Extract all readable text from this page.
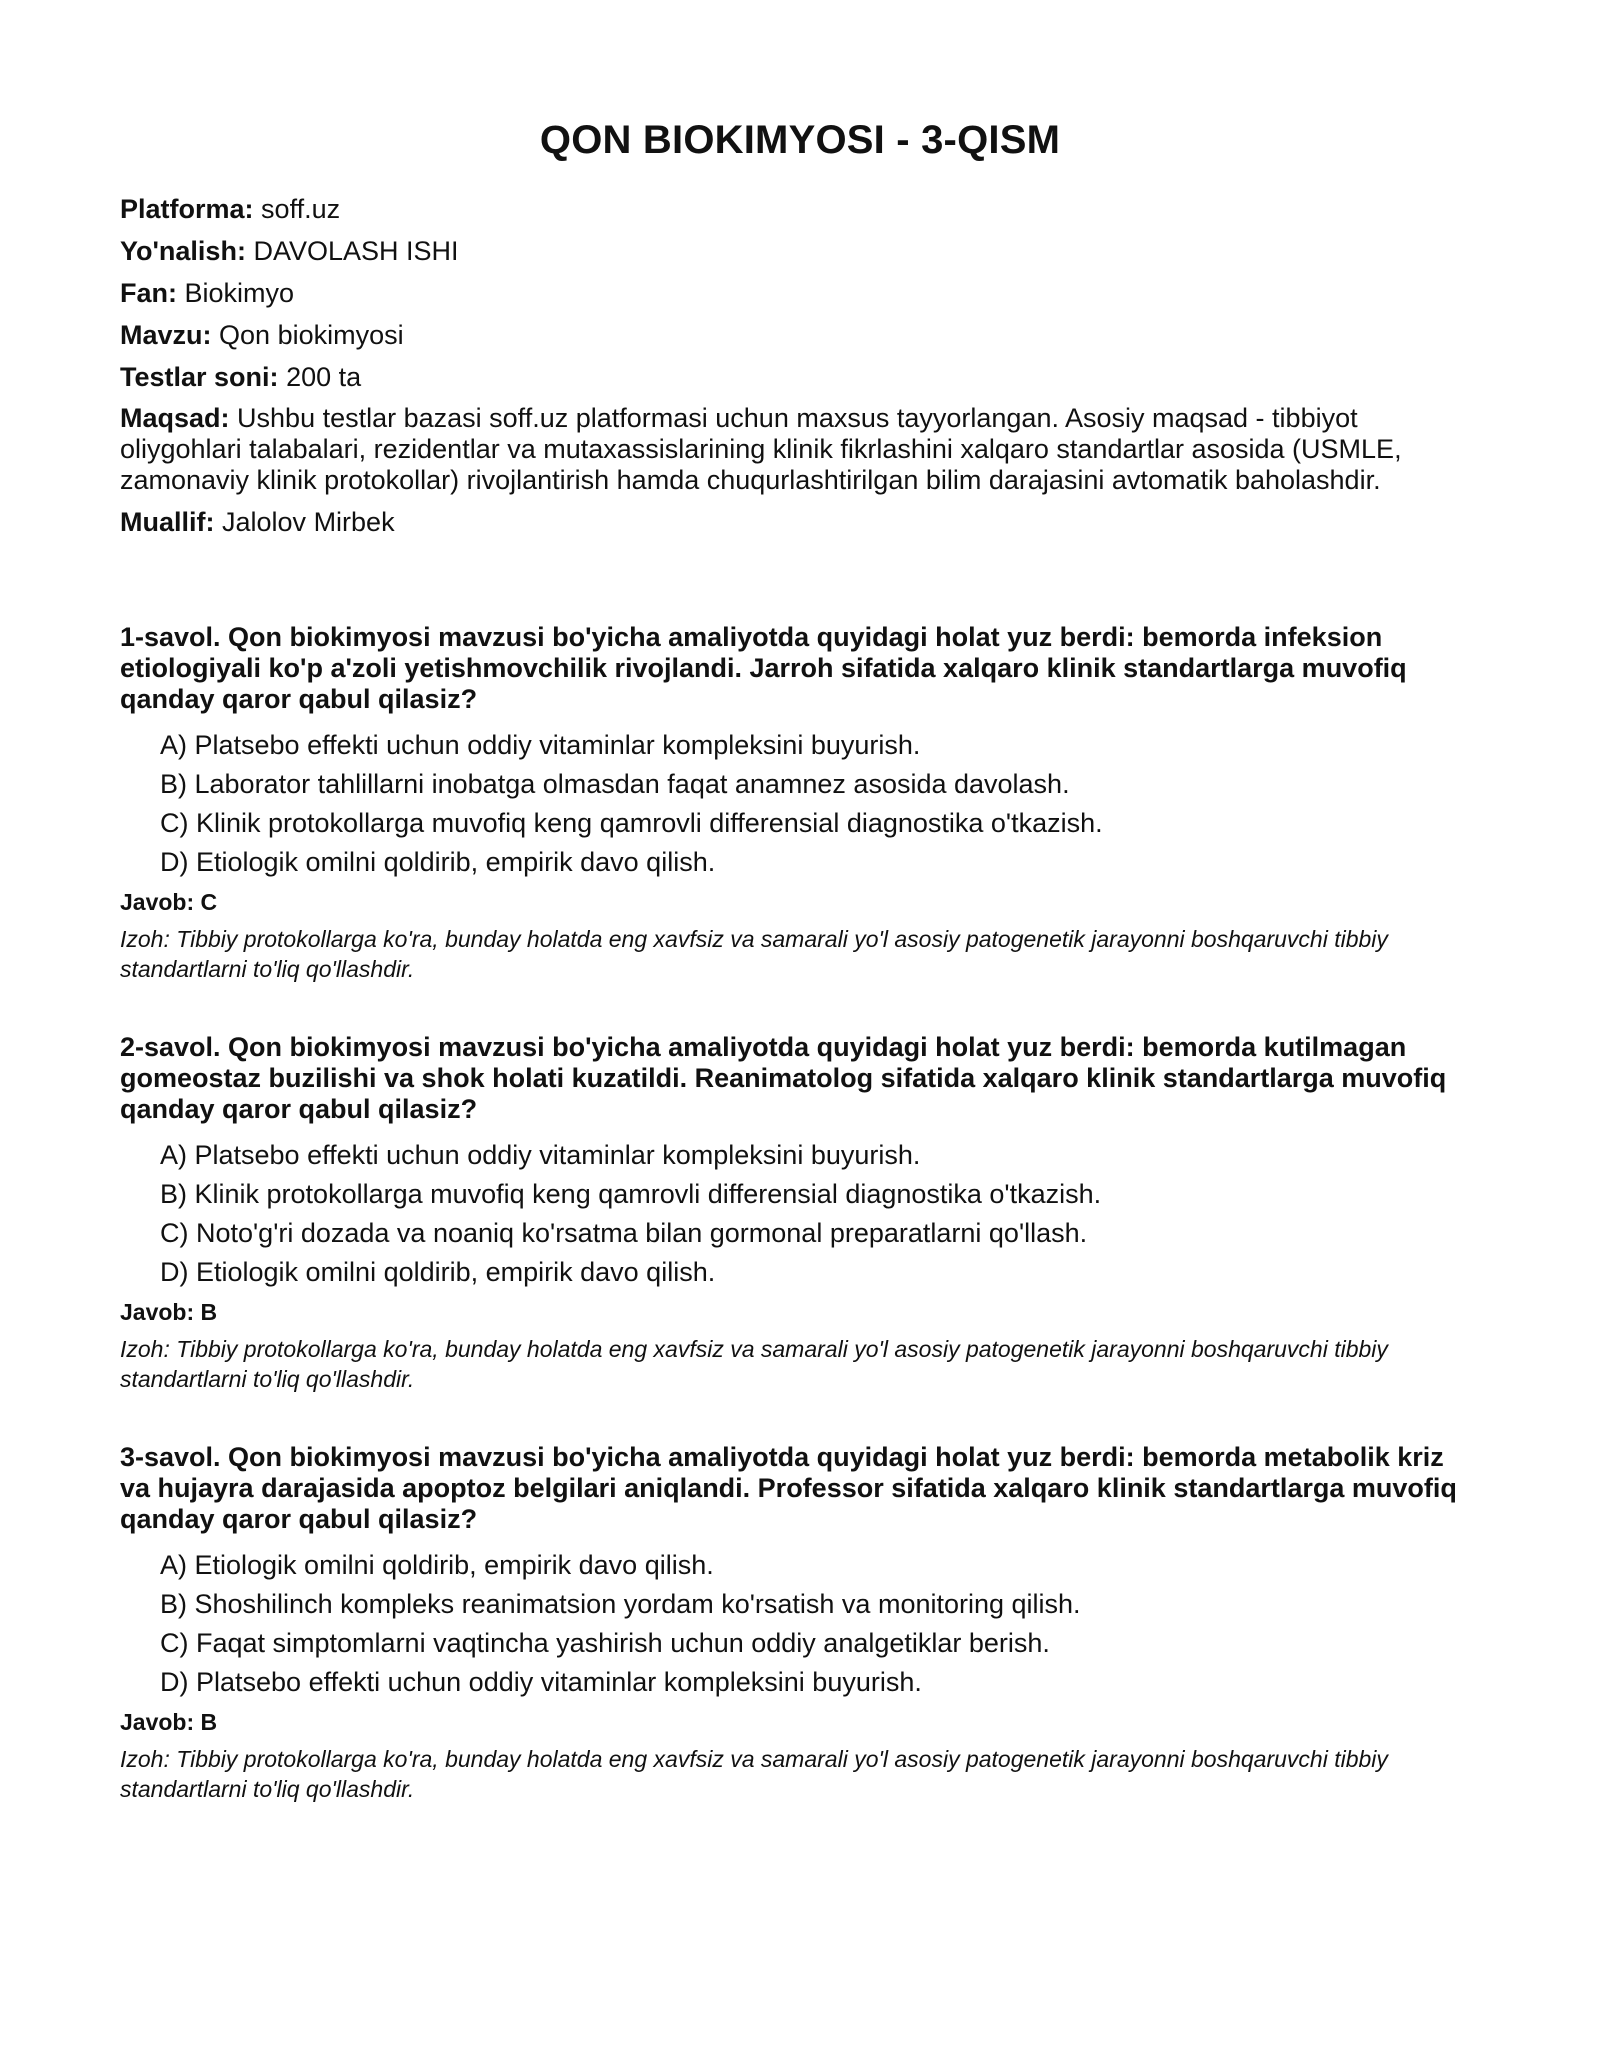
QON BIOKIMYOSI - 3-QISM

Platforma: soff.uz

Yo'nalish: DAVOLASH ISHI

Fan: Biokimyo

Mavzu: Qon biokimyosi

Testlar soni: 200 ta

Maqsad: Ushbu testlar bazasi soff.uz platformasi uchun maxsus tayyorlangan. Asosiy maqsad - tibbiyot oliygohlari talabalari, rezidentlar va mutaxassislarining klinik fikrlashini xalqaro standartlar asosida (USMLE, zamonaviy klinik protokollar) rivojlantirish hamda chuqurlashtirilgan bilim darajasini avtomatik baholashdir.

Muallif: Jalolov Mirbek

1-savol. Qon biokimyosi mavzusi bo'yicha amaliyotda quyidagi holat yuz berdi: bemorda infeksion etiologiyali ko'p a'zoli yetishmovchilik rivojlandi. Jarroh sifatida xalqaro klinik standartlarga muvofiq qanday qaror qabul qilasiz?

A) Platsebo effekti uchun oddiy vitaminlar kompleksini buyurish.
B) Laborator tahlillarni inobatga olmasdan faqat anamnez asosida davolash.
C) Klinik protokollarga muvofiq keng qamrovli differensial diagnostika o'tkazish.
D) Etiologik omilni qoldirib, empirik davo qilish.

Javob: C

Izoh: Tibbiy protokollarga ko'ra, bunday holatda eng xavfsiz va samarali yo'l asosiy patogenetik jarayonni boshqaruvchi tibbiy standartlarni to'liq qo'llashdir.

2-savol. Qon biokimyosi mavzusi bo'yicha amaliyotda quyidagi holat yuz berdi: bemorda kutilmagan gomeostaz buzilishi va shok holati kuzatildi. Reanimatolog sifatida xalqaro klinik standartlarga muvofiq qanday qaror qabul qilasiz?

A) Platsebo effekti uchun oddiy vitaminlar kompleksini buyurish.
B) Klinik protokollarga muvofiq keng qamrovli differensial diagnostika o'tkazish.
C) Noto'g'ri dozada va noaniq ko'rsatma bilan gormonal preparatlarni qo'llash.
D) Etiologik omilni qoldirib, empirik davo qilish.

Javob: B

Izoh: Tibbiy protokollarga ko'ra, bunday holatda eng xavfsiz va samarali yo'l asosiy patogenetik jarayonni boshqaruvchi tibbiy standartlarni to'liq qo'llashdir.

3-savol. Qon biokimyosi mavzusi bo'yicha amaliyotda quyidagi holat yuz berdi: bemorda metabolik kriz va hujayra darajasida apoptoz belgilari aniqlandi. Professor sifatida xalqaro klinik standartlarga muvofiq qanday qaror qabul qilasiz?

A) Etiologik omilni qoldirib, empirik davo qilish.
B) Shoshilinch kompleks reanimatsion yordam ko'rsatish va monitoring qilish.
C) Faqat simptomlarni vaqtincha yashirish uchun oddiy analgetiklar berish.
D) Platsebo effekti uchun oddiy vitaminlar kompleksini buyurish.

Javob: B

Izoh: Tibbiy protokollarga ko'ra, bunday holatda eng xavfsiz va samarali yo'l asosiy patogenetik jarayonni boshqaruvchi tibbiy standartlarni to'liq qo'llashdir.
